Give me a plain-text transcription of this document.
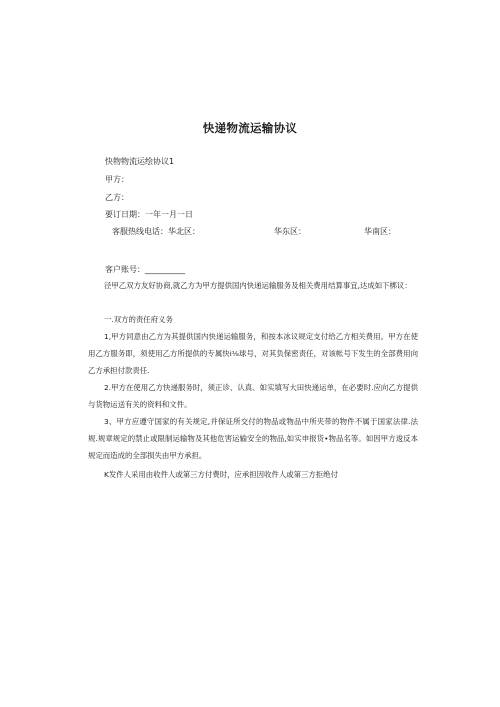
快递物流运输协议
快物物流运绘协议1
甲方：
乙方：
要订日期：一年一月一日
客服热线电话：华北区：	华东区：	华南区：
客户账号：__________
泾甲乙双方友好协商,就乙方为甲方提供国内快递运输服务及相关费用结算事宜,达成如下梆议：
一.双方的责任府义务
1,甲方同意由乙方为其提供国内快递运输服务，和按本冰议规定支付给乙方相关费用。甲方在使用乙方服务即，须使用乙方所提供的专属快i⅛球号，对其负保密责任，对该帐号下发生的全部费用向乙方承担付款责任.
2.甲方在使用乙方快递服务时，须正诊、认真、如实填写大田快递运单，在必要时.应向乙方提供与货物运送有关的资料和文件。
3、甲方应遵守国家的有关规定,并保证所交付的物品或物品中所夹带的物件不属于国家法律.法规.规章规定的禁止或限制运输物及其他危害运输安全的物品,如实申报货•物品名等。如因甲方逡反本规定而造成的全部损失由甲方承担。
K发件人采用由收件人或第三方付费时，应承担因收件人或第三方拒绝付
